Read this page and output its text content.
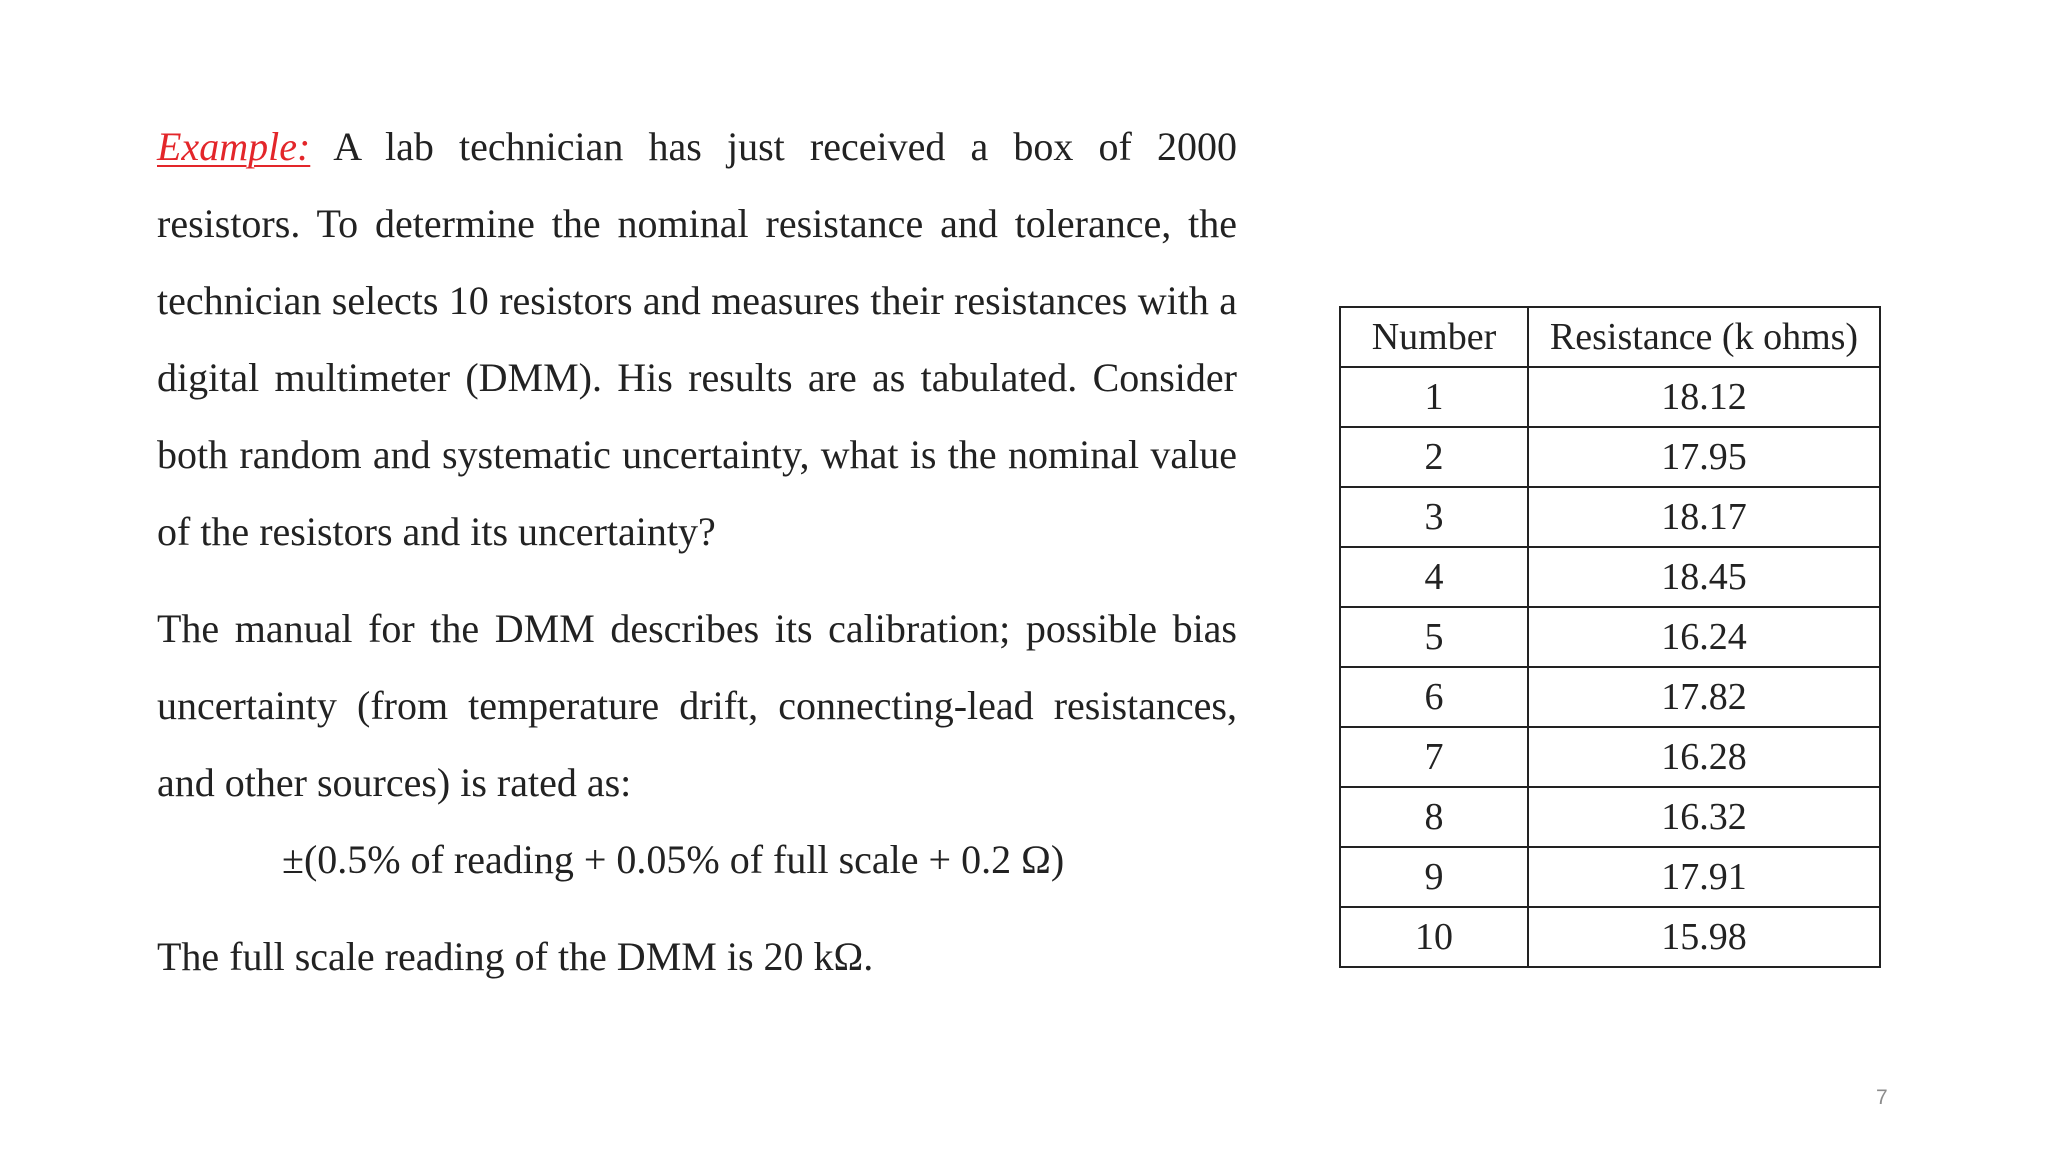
Example: A lab technician has just received a box of 2000 resistors. To determine the nominal resistance and tolerance, the technician selects 10 resistors and measures their resistances with a digital multimeter (DMM). His results are as tabulated. Consider both random and systematic uncertainty, what is the nominal value of the resistors and its uncertainty?

The manual for the DMM describes its calibration; possible bias uncertainty (from temperature drift, connecting-lead resistances, and other sources) is rated as:

±(0.5% of reading + 0.05% of full scale + 0.2 Ω)

The full scale reading of the DMM is 20 kΩ.

Number	Resistance (k ohms)
1	18.12
2	17.95
3	18.17
4	18.45
5	16.24
6	17.82
7	16.28
8	16.32
9	17.91
10	15.98
7
